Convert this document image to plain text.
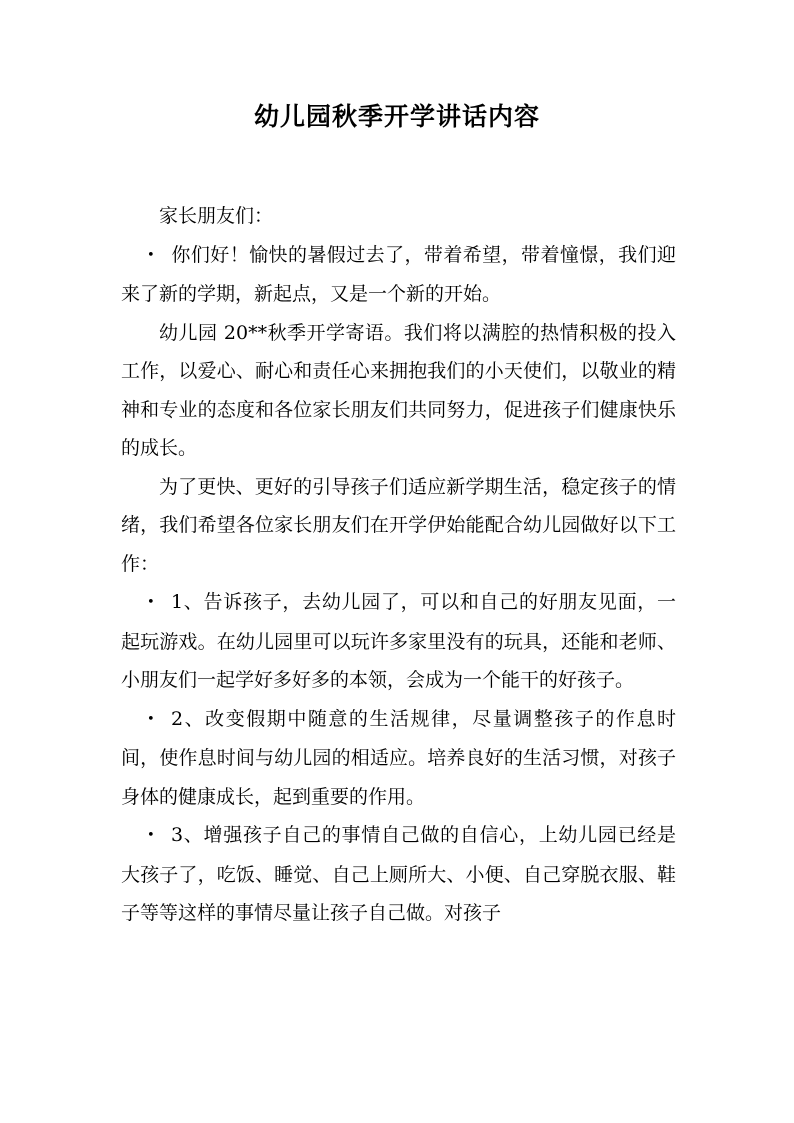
幼儿园秋季开学讲话内容

家长朋友们：

• 你们好！愉快的暑假过去了，带着希望，带着憧憬，我们迎来了新的学期，新起点，又是一个新的开始。

幼儿园 20**秋季开学寄语。我们将以满腔的热情积极的投入工作，以爱心、耐心和责任心来拥抱我们的小天使们，以敬业的精神和专业的态度和各位家长朋友们共同努力，促进孩子们健康快乐的成长。

为了更快、更好的引导孩子们适应新学期生活，稳定孩子的情绪，我们希望各位家长朋友们在开学伊始能配合幼儿园做好以下工作：

• 1、告诉孩子，去幼儿园了，可以和自己的好朋友见面，一起玩游戏。在幼儿园里可以玩许多家里没有的玩具，还能和老师、小朋友们一起学好多好多的本领，会成为一个能干的好孩子。

• 2、改变假期中随意的生活规律，尽量调整孩子的作息时间，使作息时间与幼儿园的相适应。培养良好的生活习惯，对孩子身体的健康成长，起到重要的作用。

• 3、增强孩子自己的事情自己做的自信心，上幼儿园已经是大孩子了，吃饭、睡觉、自己上厕所大、小便、自己穿脱衣服、鞋子等等这样的事情尽量让孩子自己做。对孩子
